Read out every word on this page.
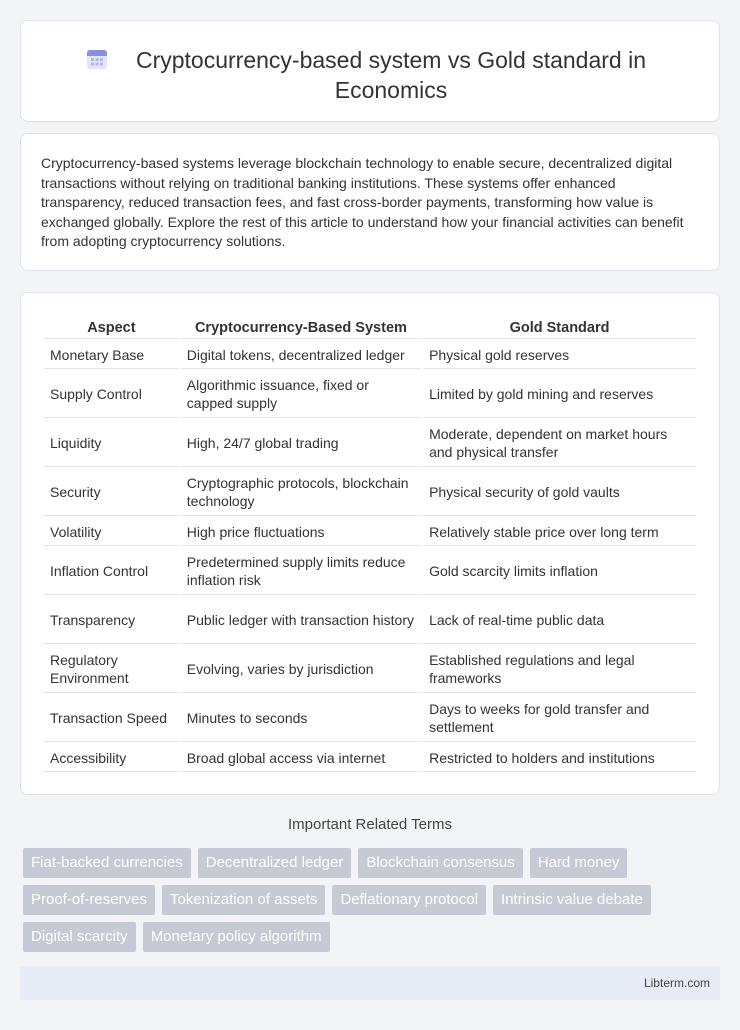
Cryptocurrency-based system vs Gold standard in Economics

Cryptocurrency-based systems leverage blockchain technology to enable secure, decentralized digital transactions without relying on traditional banking institutions. These systems offer enhanced transparency, reduced transaction fees, and fast cross-border payments, transforming how value is exchanged globally. Explore the rest of this article to understand how your financial activities can benefit from adopting cryptocurrency solutions.

Aspect	Cryptocurrency-Based System	Gold Standard
Monetary Base	Digital tokens, decentralized ledger	Physical gold reserves
Supply Control	Algorithmic issuance, fixed or capped supply	Limited by gold mining and reserves
Liquidity	High, 24/7 global trading	Moderate, dependent on market hours and physical transfer
Security	Cryptographic protocols, blockchain technology	Physical security of gold vaults
Volatility	High price fluctuations	Relatively stable price over long term
Inflation Control	Predetermined supply limits reduce inflation risk	Gold scarcity limits inflation
Transparency	Public ledger with transaction history	Lack of real-time public data
Regulatory Environment	Evolving, varies by jurisdiction	Established regulations and legal frameworks
Transaction Speed	Minutes to seconds	Days to weeks for gold transfer and settlement
Accessibility	Broad global access via internet	Restricted to holders and institutions
Important Related Terms
Fiat-backed currencies	Decentralized ledger	Blockchain consensus	Hard money
Proof-of-reserves	Tokenization of assets	Deflationary protocol	Intrinsic value debate
Digital scarcity	Monetary policy algorithm
Libterm.com
